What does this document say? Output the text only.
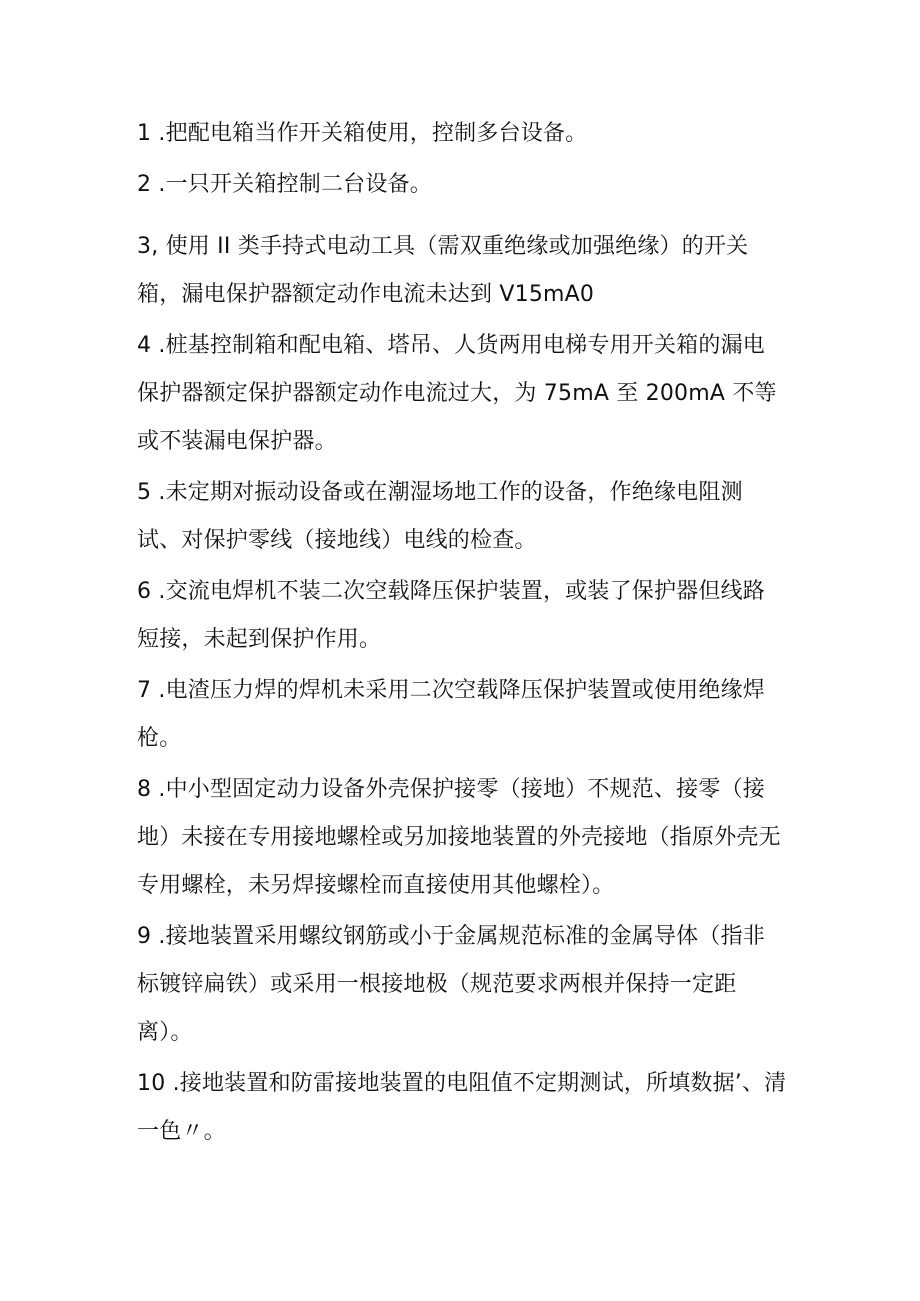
1 .把配电箱当作开关箱使用，控制多台设备。

2 .一只开关箱控制二台设备。

3, 使用 II 类手持式电动工具（需双重绝缘或加强绝缘）的开关箱，漏电保护器额定动作电流未达到 V15mA0

4 .桩基控制箱和配电箱、塔吊、人货两用电梯专用开关箱的漏电保护器额定保护器额定动作电流过大，为 75mA 至 200mA 不等或不装漏电保护器。

5 .未定期对振动设备或在潮湿场地工作的设备，作绝缘电阻测试、对保护零线（接地线）电线的检查。

6 .交流电焊机不装二次空载降压保护装置，或装了保护器但线路短接，未起到保护作用。

7 .电渣压力焊的焊机未采用二次空载降压保护装置或使用绝缘焊枪。

8 .中小型固定动力设备外壳保护接零（接地）不规范、接零（接地）未接在专用接地螺栓或另加接地装置的外壳接地（指原外壳无专用螺栓，未另焊接螺栓而直接使用其他螺栓）。

9 .接地装置采用螺纹钢筋或小于金属规范标准的金属导体（指非标镀锌扁铁）或采用一根接地极（规范要求两根并保持一定距离）。

10 .接地装置和防雷接地装置的电阻值不定期测试，所填数据’、清一色〃。
